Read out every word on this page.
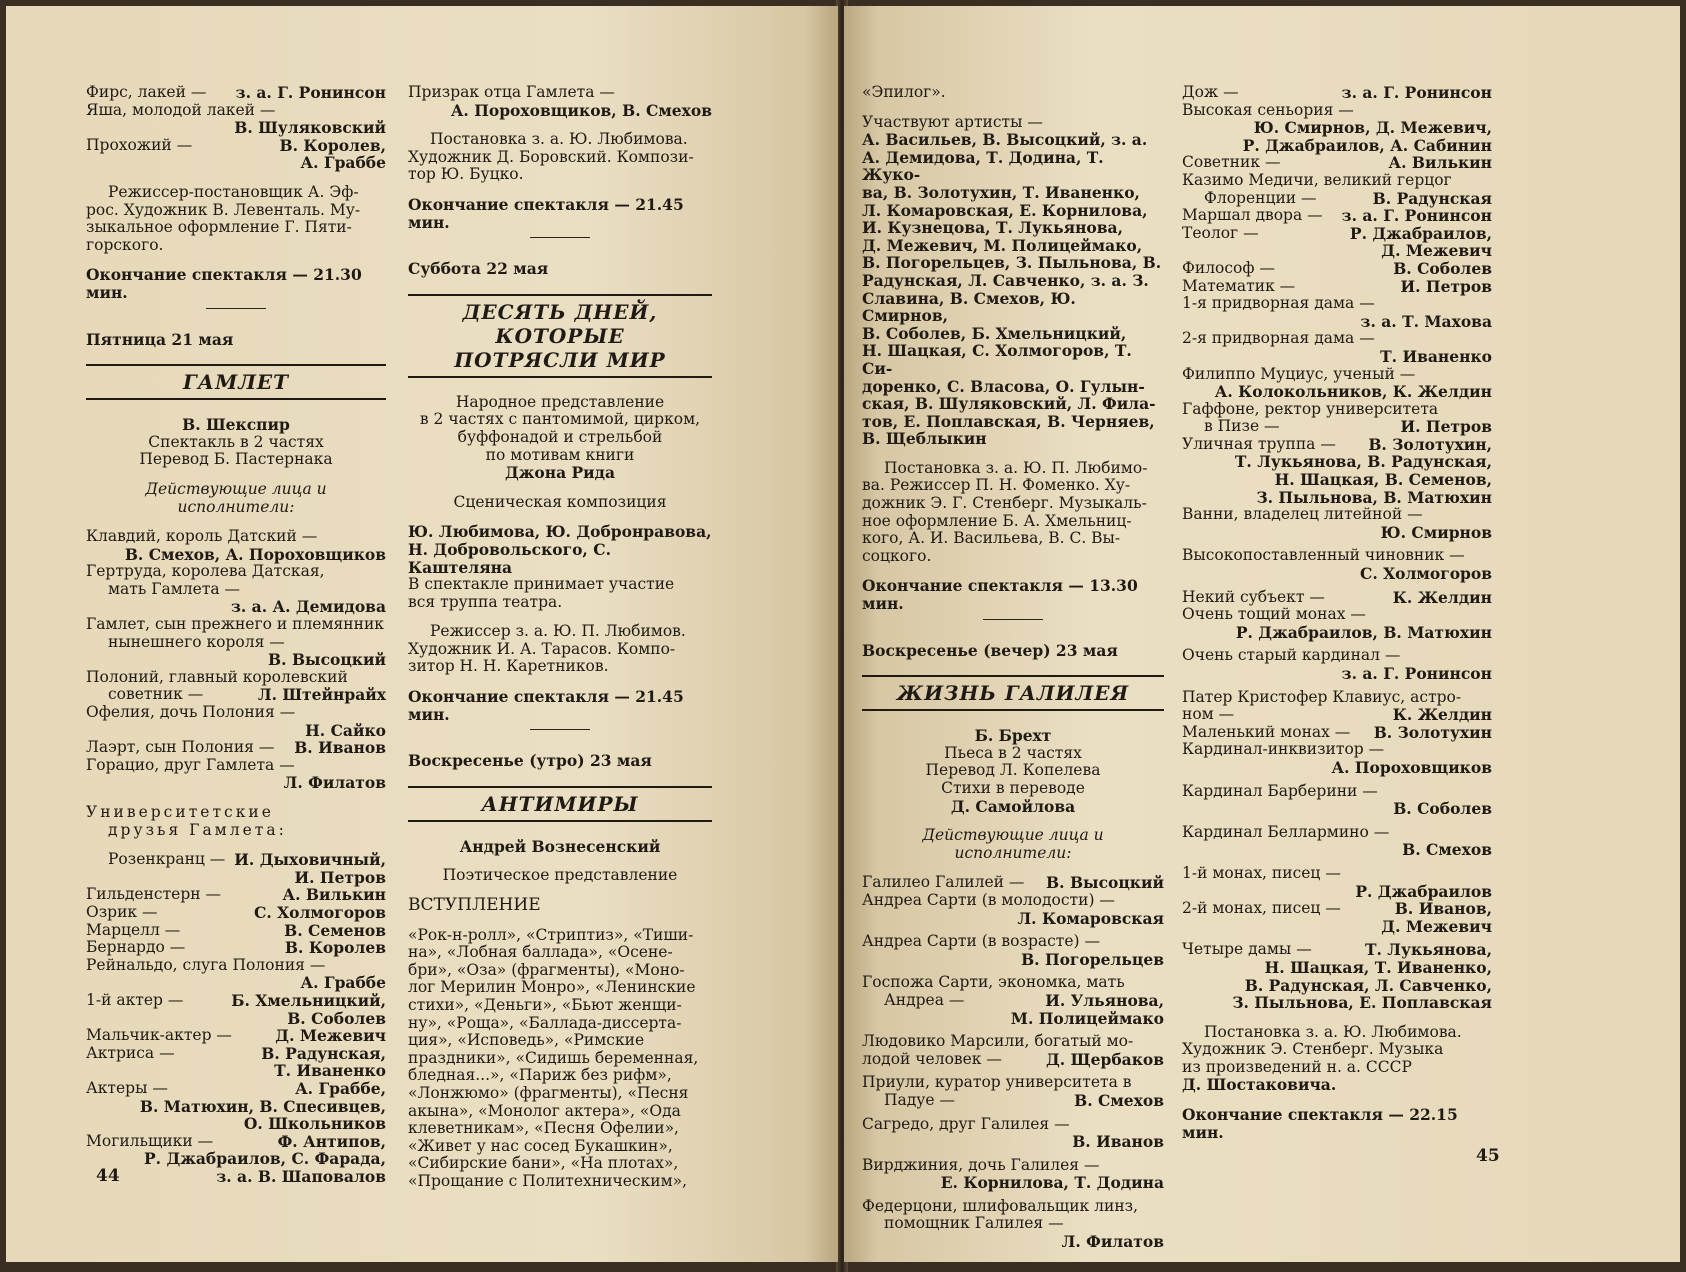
Фирс, лакей — з. а. Г. Ронинсон
Яша, молодой лакей —
В. Шуляковский
Прохожий —	В. Королев,
А. Граббе
Режиссер-постановщик А. Эф-
рос. Художник В. Левенталь. Му-
зыкальное оформление Г. Пяти-
горского.
Окончание спектакля — 21.30 мин.
Пятница 21 мая
ГАМЛЕТ
В. Шекспир
Спектакль в 2 частях
Перевод Б. Пастернака
Действующие лица и исполнители:
Клавдий, король Датский —
В. Смехов, А. Пороховщиков
Гертруда, королева Датская,
мать Гамлета —
з. а. А. Демидова
Гамлет, сын прежнего и племянник
нынешнего короля —
В. Высоцкий
Полоний, главный королевский
советник —	Л. Штейнрайх
Офелия, дочь Полония —
Н. Сайко
Лаэрт, сын Полония — В. Иванов
Горацио, друг Гамлета —
Л. Филатов
Университетские
друзья Гамлета:
Розенкранц — И. Дыховичный,
И. Петров
Гильденстерн —	А. Вилькин
Озрик —	С. Холмогоров
Марцелл —	В. Семенов
Бернардо —	В. Королев
Рейнальдо, слуга Полония —
А. Граббе
1-й актер —	Б. Хмельницкий,
В. Соболев
Мальчик-актер —	Д. Межевич
Актриса —	В. Радунская,
Т. Иваненко
Актеры —	А. Граббе,
В. Матюхин, В. Спесивцев,
О. Школьников
Могильщики —	Ф. Антипов,
Р. Джабраилов, С. Фарада,
з. а. В. Шаповалов
Призрак отца Гамлета —
А. Пороховщиков, В. Смехов
Постановка з. а. Ю. Любимова.
Художник Д. Боровский. Компози-
тор Ю. Буцко.
Окончание спектакля — 21.45 мин.
Суббота 22 мая
ДЕСЯТЬ ДНЕЙ, КОТОРЫЕ
ПОТРЯСЛИ МИР
Народное представление
в 2 частях с пантомимой, цирком,
буффонадой и стрельбой
по мотивам книги
Джона Рида
Сценическая композиция
Ю. Любимова, Ю. Добронравова,
Н. Добровольского, С. Каштеляна
В спектакле принимает участие
вся труппа театра.
Режиссер з. а. Ю. П. Любимов.
Художник И. А. Тарасов. Компо-
зитор Н. Н. Каретников.
Окончание спектакля — 21.45 мин.
Воскресенье (утро) 23 мая
АНТИМИРЫ
Андрей Вознесенский
Поэтическое представление
ВСТУПЛЕНИЕ
«Рок-н-ролл», «Стриптиз», «Тиши-
на», «Лобная баллада», «Осене-
бри», «Оза» (фрагменты), «Моно-
лог Мерилин Монро», «Ленинские
стихи», «Деньги», «Бьют женщи-
ну», «Роща», «Баллада-диссерта-
ция», «Исповедь», «Римские
праздники», «Сидишь беременная,
бледная...», «Париж без рифм»,
«Лонжюмо» (фрагменты), «Песня
акына», «Монолог актера», «Ода
клеветникам», «Песня Офелии»,
«Живет у нас сосед Букашкин»,
«Сибирские бани», «На плотах»,
«Прощание с Политехническим»,
44
«Эпилог».
Участвуют артисты —
А. Васильев, В. Высоцкий, з. а.
А. Демидова, Т. Додина, Т. Жуко-
ва, В. Золотухин, Т. Иваненко,
Л. Комаровская, Е. Корнилова,
И. Кузнецова, Т. Лукьянова,
Д. Межевич, М. Полицеймако,
В. Погорельцев, З. Пыльнова, В.
Радунская, Л. Савченко, з. а. З.
Славина, В. Смехов, Ю. Смирнов,
В. Соболев, Б. Хмельницкий,
Н. Шацкая, С. Холмогоров, Т. Си-
доренко, С. Власова, О. Гулын-
ская, В. Шуляковский, Л. Фила-
тов, Е. Поплавская, В. Черняев,
В. Щеблыкин
Постановка з. а. Ю. П. Любимо-
ва. Режиссер П. Н. Фоменко. Ху-
дожник Э. Г. Стенберг. Музыкаль-
ное оформление Б. А. Хмельниц-
кого, А. И. Васильева, В. С. Вы-
соцкого.
Окончание спектакля — 13.30 мин.
Воскресенье (вечер) 23 мая
ЖИЗНЬ ГАЛИЛЕЯ
Б. Брехт
Пьеса в 2 частях
Перевод Л. Копелева
Стихи в переводе
Д. Самойлова
Действующие лица и исполнители:
Галилео Галилей — В. Высоцкий
Андреа Сарти (в молодости) —
Л. Комаровская
Андреа Сарти (в возрасте) —
В. Погорельцев
Госпожа Сарти, экономка, мать
Андреа —	И. Ульянова,
М. Полицеймако
Людовико Марсили, богатый мо-
лодой человек —	Д. Щербаков
Приули, куратор университета в
Падуе —	В. Смехов
Сагредо, друг Галилея —
В. Иванов
Вирджиния, дочь Галилея —
Е. Корнилова, Т. Додина
Федерцони, шлифовальщик линз,
помощник Галилея —
Л. Филатов
Дож —	з. а. Г. Ронинсон
Высокая сеньория —
Ю. Смирнов, Д. Межевич,
Р. Джабраилов, А. Сабинин
Советник —	А. Вилькин
Казимо Медичи, великий герцог
Флоренции —	В. Радунская
Маршал двора — з. а. Г. Ронинсон
Теолог —	Р. Джабраилов,
Д. Межевич
Философ —	В. Соболев
Математик —	И. Петров
1-я придворная дама —
з. а. Т. Махова
2-я придворная дама —
Т. Иваненко
Филиппо Муциус, ученый —
А. Колокольников, К. Желдин
Гаффоне, ректор университета
в Пизе —	И. Петров
Уличная труппа — В. Золотухин,
Т. Лукьянова, В. Радунская,
Н. Шацкая, В. Семенов,
З. Пыльнова, В. Матюхин
Ванни, владелец литейной —
Ю. Смирнов
Высокопоставленный чиновник —
С. Холмогоров
Некий субъект —	К. Желдин
Очень тощий монах —
Р. Джабраилов, В. Матюхин
Очень старый кардинал —
з. а. Г. Ронинсон
Патер Кристофер Клавиус, астро-
ном —	К. Желдин
Маленький монах — В. Золотухин
Кардинал-инквизитор —
А. Пороховщиков
Кардинал Барберини —
В. Соболев
Кардинал Беллармино —
В. Смехов
1-й монах, писец —
Р. Джабраилов
2-й монах, писец —	В. Иванов,
Д. Межевич
Четыре дамы —	Т. Лукьянова,
Н. Шацкая, Т. Иваненко,
В. Радунская, Л. Савченко,
З. Пыльнова, Е. Поплавская
Постановка з. а. Ю. Любимова.
Художник Э. Стенберг. Музыка
из произведений н. а. СССР
Д. Шостаковича.
Окончание спектакля — 22.15 мин.
45
